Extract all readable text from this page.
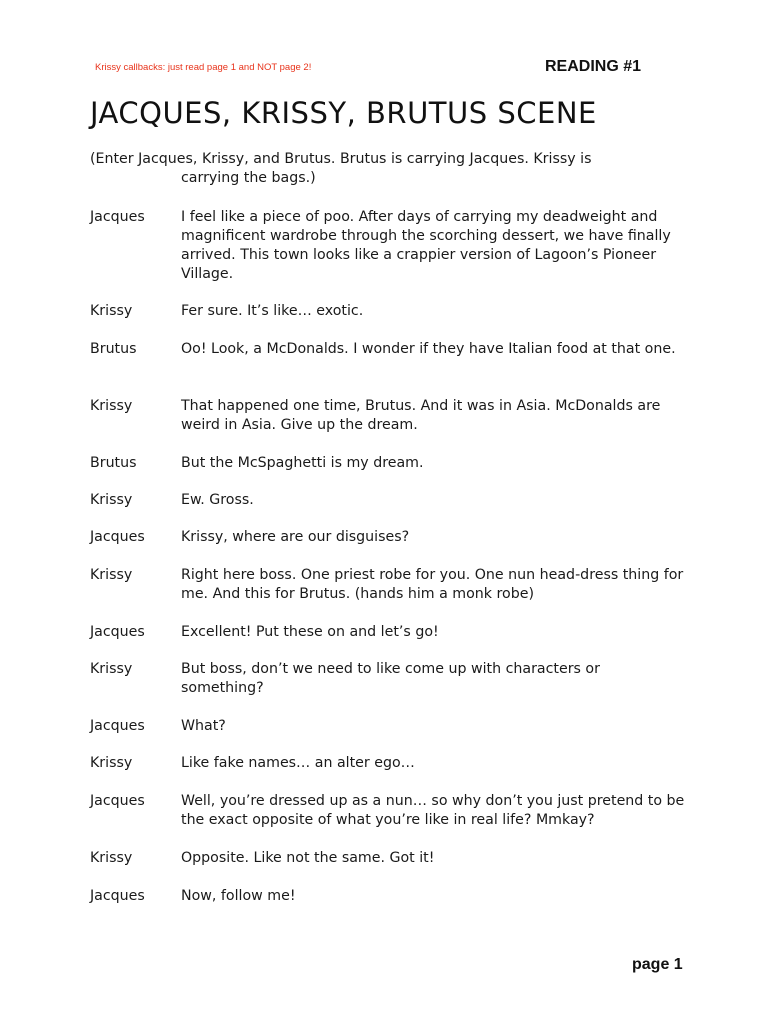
Krissy callbacks: just read page 1 and NOT page 2!	READING #1
JACQUES, KRISSY, BRUTUS SCENE
(Enter Jacques, Krissy, and Brutus. Brutus is carrying Jacques. Krissy is
carrying the bags.)
Jacques	I feel like a piece of poo. After days of carrying my deadweight and magnificent wardrobe through the scorching dessert, we have finally arrived. This town looks like a crappier version of Lagoon’s Pioneer Village.
Krissy	Fer sure. It’s like… exotic.
Brutus	Oo! Look, a McDonalds. I wonder if they have Italian food at that one.
Krissy	That happened one time, Brutus. And it was in Asia. McDonalds are weird in Asia. Give up the dream.
Brutus	But the McSpaghetti is my dream.
Krissy	Ew. Gross.
Jacques	Krissy, where are our disguises?
Krissy	Right here boss. One priest robe for you. One nun head-dress thing for me. And this for Brutus. (hands him a monk robe)
Jacques	Excellent! Put these on and let’s go!
Krissy	But boss, don’t we need to like come up with characters or something?
Jacques	What?
Krissy	Like fake names… an alter ego…
Jacques	Well, you’re dressed up as a nun… so why don’t you just pretend to be the exact opposite of what you’re like in real life? Mmkay?
Krissy	Opposite. Like not the same. Got it!
Jacques	Now, follow me!
page 1
